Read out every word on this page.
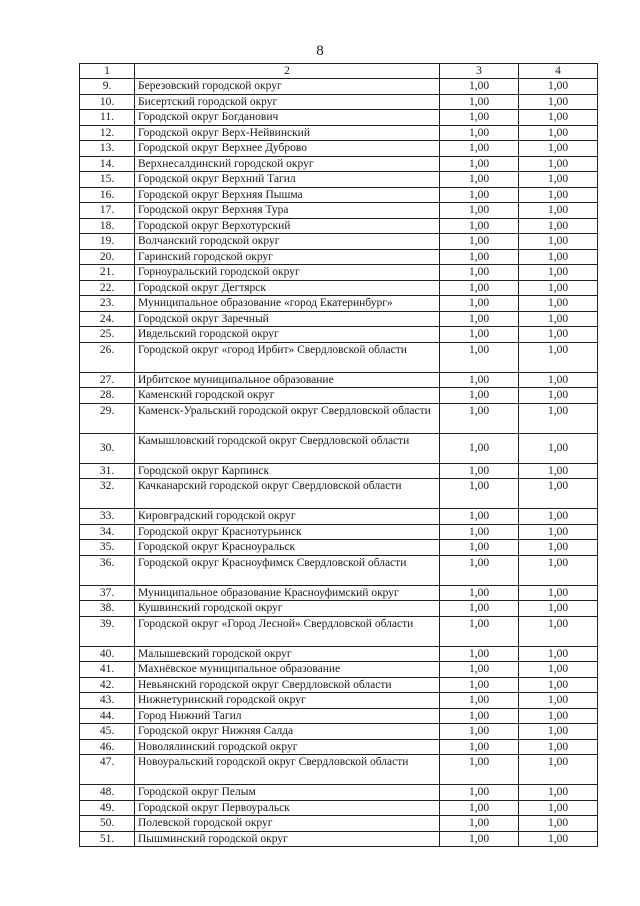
8
1	2	3	4
9.	Березовский городской округ	1,00	1,00
10.	Бисертский городской округ	1,00	1,00
11.	Городской округ Богданович	1,00	1,00
12.	Городской округ Верх-Нейвинский	1,00	1,00
13.	Городской округ Верхнее Дуброво	1,00	1,00
14.	Верхнесалдинский городской округ	1,00	1,00
15.	Городской округ Верхний Тагил	1,00	1,00
16.	Городской округ Верхняя Пышма	1,00	1,00
17.	Городской округ Верхняя Тура	1,00	1,00
18.	Городской округ Верхотурский	1,00	1,00
19.	Волчанский городской округ	1,00	1,00
20.	Гаринский городской округ	1,00	1,00
21.	Горноуральский городской округ	1,00	1,00
22.	Городской округ Дегтярск	1,00	1,00
23.	Муниципальное образование «город Екатеринбург»	1,00	1,00
24.	Городской округ Заречный	1,00	1,00
25.	Ивдельский городской округ	1,00	1,00
26.	Городской округ «город Ирбит» Свердловской области	1,00	1,00
27.	Ирбитское муниципальное образование	1,00	1,00
28.	Каменский городской округ	1,00	1,00
29.	Каменск-Уральский городской округ Свердловской области	1,00	1,00
30.	Камышловский городской округ Свердловской области	1,00	1,00
31.	Городской округ Карпинск	1,00	1,00
32.	Качканарский городской округ Свердловской области	1,00	1,00
33.	Кировградский городской округ	1,00	1,00
34.	Городской округ Краснотурьинск	1,00	1,00
35.	Городской округ Красноуральск	1,00	1,00
36.	Городской округ Красноуфимск Свердловской области	1,00	1,00
37.	Муниципальное образование Красноуфимский округ	1,00	1,00
38.	Кушвинский городской округ	1,00	1,00
39.	Городской округ «Город Лесной» Свердловской области	1,00	1,00
40.	Малышевский городской округ	1,00	1,00
41.	Махнёвское муниципальное образование	1,00	1,00
42.	Невьянский городской округ Свердловской области	1,00	1,00
43.	Нижнетуринский городской округ	1,00	1,00
44.	Город Нижний Тагил	1,00	1,00
45.	Городской округ Нижняя Салда	1,00	1,00
46.	Новолялинский городской округ	1,00	1,00
47.	Новоуральский городской округ Свердловской области	1,00	1,00
48.	Городской округ Пелым	1,00	1,00
49.	Городской округ Первоуральск	1,00	1,00
50.	Полевской городской округ	1,00	1,00
51.	Пышминский городской округ	1,00	1,00
